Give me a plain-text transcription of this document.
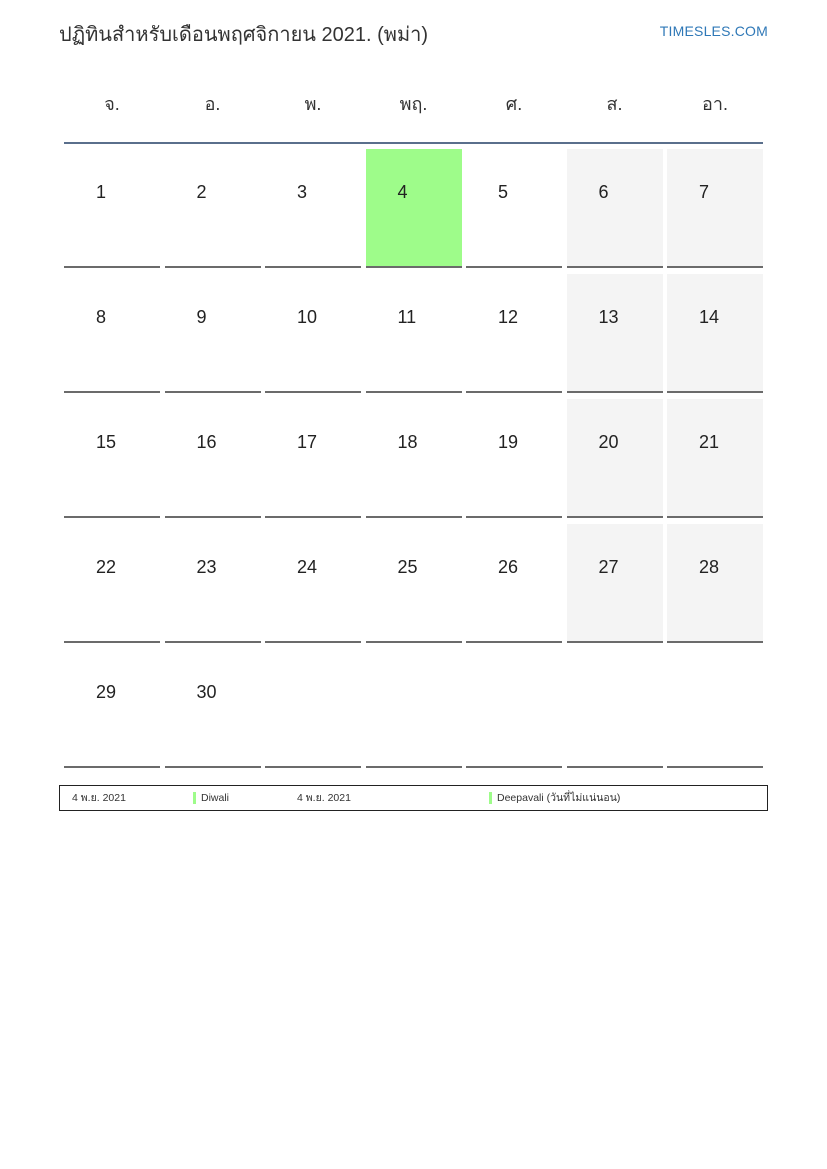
ปฏิทินสำหรับเดือนพฤศจิกายน 2021. (พม่า)	TIMESLES.COM
จ.	อ.	พ.	พฤ.	ศ.	ส.	อา.
1	2	3	4	5	6	7
8	9	10	11	12	13	14
15	16	17	18	19	20	21
22	23	24	25	26	27	28
29	30
4 พ.ย. 2021	Diwali	4 พ.ย. 2021	Deepavali (วันที่ไม่แน่นอน)
